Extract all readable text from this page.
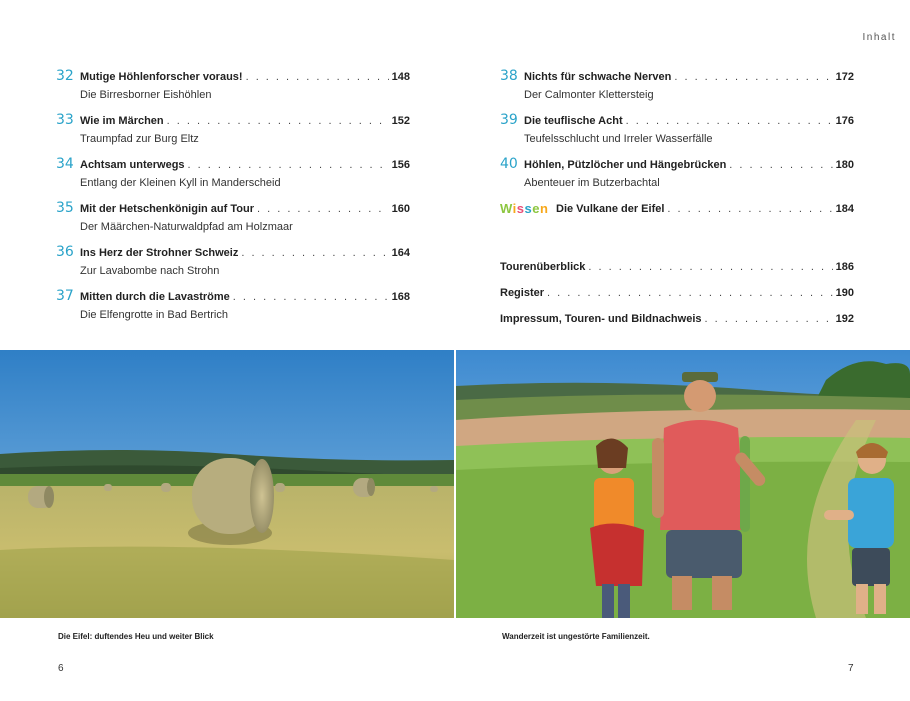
Inhalt
32 Mutige Höhlenforscher voraus! . . .	148
Die Birresborner Eishöhlen
33 Wie im Märchen . . .	152
Traumpfad zur Burg Eltz
34 Achtsam unterwegs . . .	156
Entlang der Kleinen Kyll in Manderscheid
35 Mit der Hetschenkönigin auf Tour . . .	160
Der Määrchen-Naturwaldpfad am Holzmaar
36 Ins Herz der Strohner Schweiz . . .	164
Zur Lavabombe nach Strohn
37 Mitten durch die Lavaströme . . .	168
Die Elfengrotte in Bad Bertrich
38 Nichts für schwache Nerven . . .	172
Der Calmonter Klettersteig
39 Die teuflische Acht . . .	176
Teufelsschlucht und Irreler Wasserfälle
40 Höhlen, Pützlöcher und Hängebrücken . . .	180
Abenteuer im Butzerbachtal
Wissen Die Vulkane der Eifel . . .	184
Tourenüberblick . . .	186
Register . . .	190
Impressum, Touren- und Bildnachweis . . .	192
Die Eifel: duftendes Heu und weiter Blick	Wanderzeit ist ungestörte Familienzeit.
6	7
